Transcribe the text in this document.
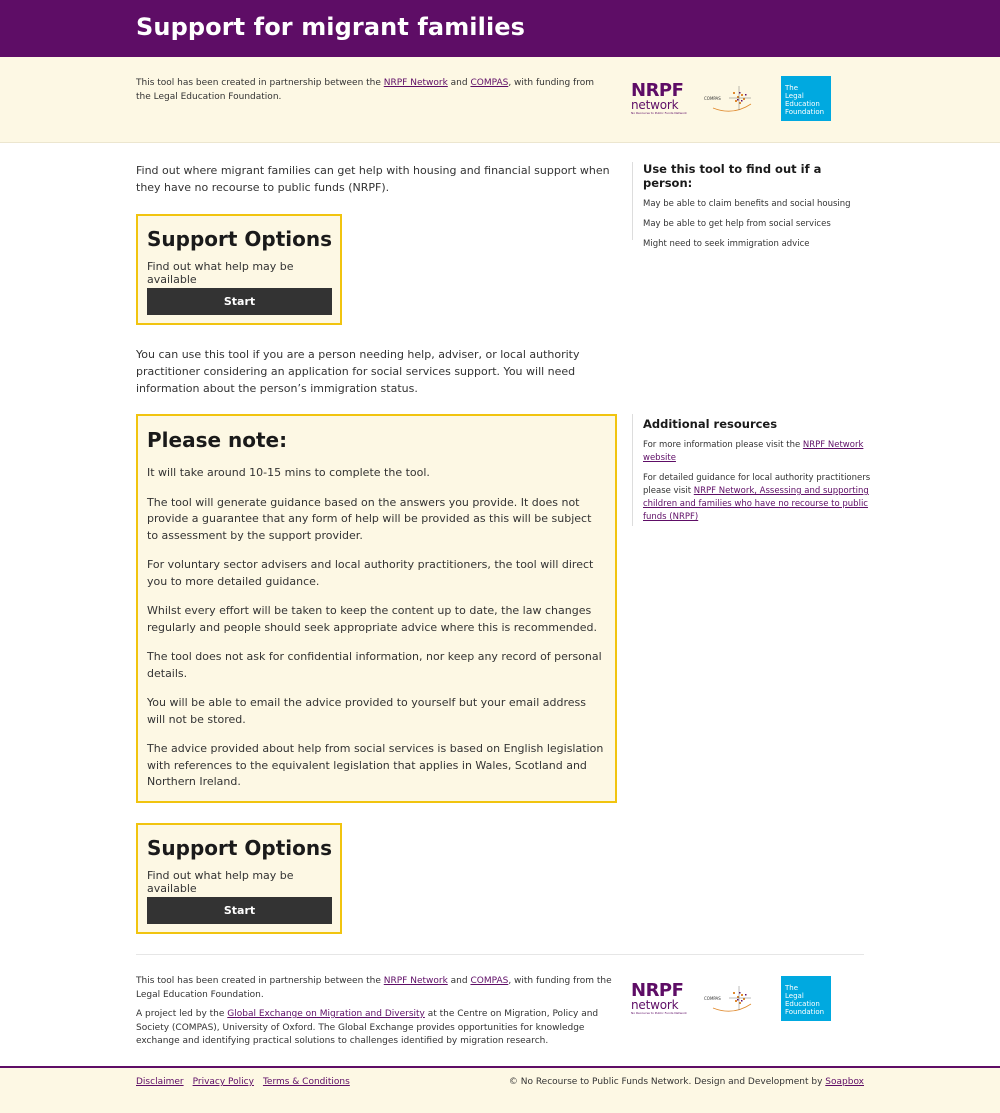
Support for migrant families
This tool has been created in partnership between the NRPF Network and COMPAS, with funding from the Legal Education Foundation.	NRPF
network
No Recourse to Public Funds Network
COMPAS
The
Legal
Education
Foundation

Find out where migrant families can get help with housing and financial support when they have no recourse to public funds (NRPF).

Support Options
Find out what help may be available
Start

You can use this tool if you are a person needing help, adviser, or local authority practitioner considering an application for social services support. You will need information about the person’s immigration status.

Please note:

It will take around 10-15 mins to complete the tool.

The tool will generate guidance based on the answers you provide. It does not provide a guarantee that any form of help will be provided as this will be subject to assessment by the support provider.

For voluntary sector advisers and local authority practitioners, the tool will direct you to more detailed guidance.

Whilst every effort will be taken to keep the content up to date, the law changes regularly and people should seek appropriate advice where this is recommended.

The tool does not ask for confidential information, nor keep any record of personal details.

You will be able to email the advice provided to yourself but your email address will not be stored.

The advice provided about help from social services is based on English legislation with references to the equivalent legislation that applies in Wales, Scotland and Northern Ireland.

Support Options
Find out what help may be available
Start
Use this tool to find out if a person:
May be able to claim benefits and social housing
May be able to get help from social services
Might need to seek immigration advice
Additional resources
For more information please visit the NRPF Network website
For detailed guidance for local authority practitioners please visit NRPF Network, Assessing and supporting children and families who have no recourse to public funds (NRPF)

This tool has been created in partnership between the NRPF Network and COMPAS, with funding from the Legal Education Foundation.

A project led by the Global Exchange on Migration and Diversity at the Centre on Migration, Policy and Society (COMPAS), University of Oxford. The Global Exchange provides opportunities for knowledge exchange and identifying practical solutions to challenges identified by migration research.

NRPF
network
No Recourse to Public Funds Network
COMPAS
The
Legal
Education
Foundation
Disclaimer Privacy Policy Terms & Conditions	© No Recourse to Public Funds Network. Design and Development by Soapbox
